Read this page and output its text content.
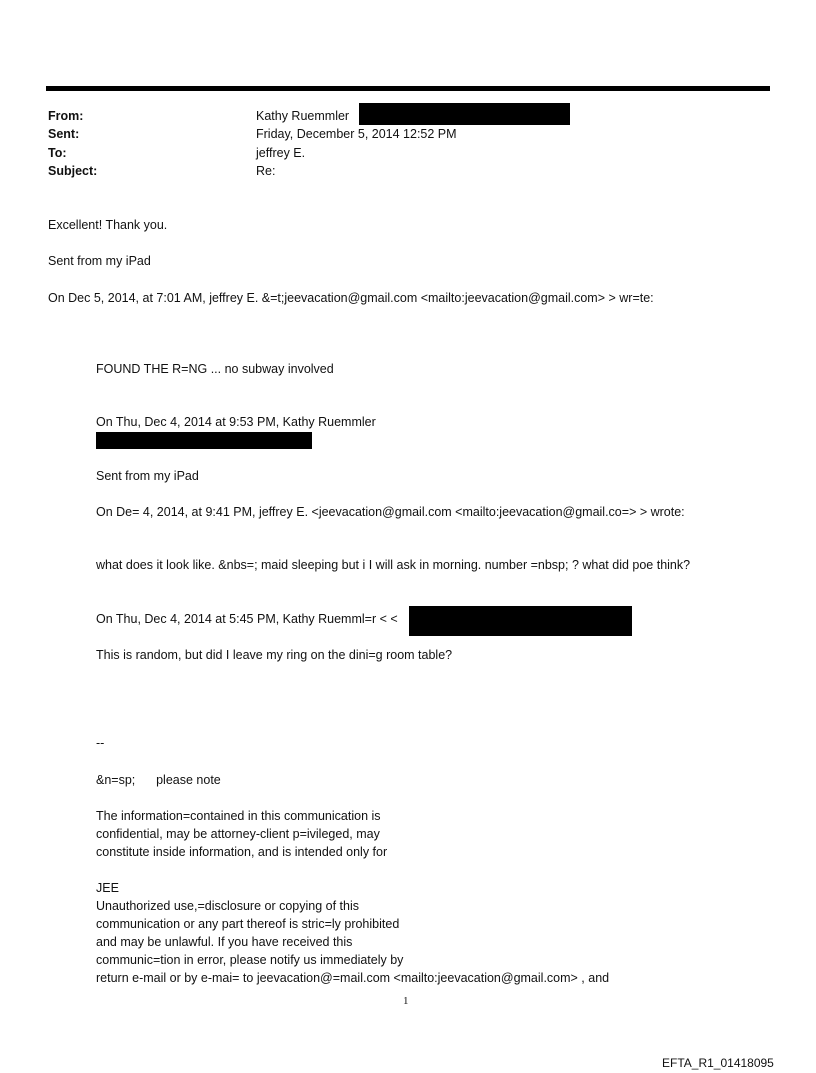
From:	Kathy Ruemmler
Sent:	Friday, December 5, 2014 12:52 PM
To:	jeffrey E.
Subject:	Re:
Excellent! Thank you.
Sent from my iPad
On Dec 5, 2014, at 7:01 AM, jeffrey E. &=t;jeevacation@gmail.com <mailto:jeevacation@gmail.com> > wr=te:
FOUND THE R=NG ... no subway involved
On Thu, Dec 4, 2014 at 9:53 PM, Kathy Ruemmler
Sent from my iPad
On De= 4, 2014, at 9:41 PM, jeffrey E. <jeevacation@gmail.com <mailto:jeevacation@gmail.co=> > wrote:
what does it look like. &nbs=; maid sleeping but i I will ask in morning. number =nbsp; ? what did poe think?
On Thu, Dec 4, 2014 at 5:45 PM, Kathy Ruemml=r < <
This is random, but did I leave my ring on the dini=g room table?
--
&n=sp;      please note
The information=contained in this communication is
confidential, may be attorney-client p=ivileged, may
constitute inside information, and is intended only for
JEE
Unauthorized use,=disclosure or copying of this
communication or any part thereof is stric=ly prohibited
and may be unlawful. If you have received this
communic=tion in error, please notify us immediately by
return e-mail or by e-mai= to jeevacation@=mail.com <mailto:jeevacation@gmail.com> , and
1
EFTA_R1_01418095
